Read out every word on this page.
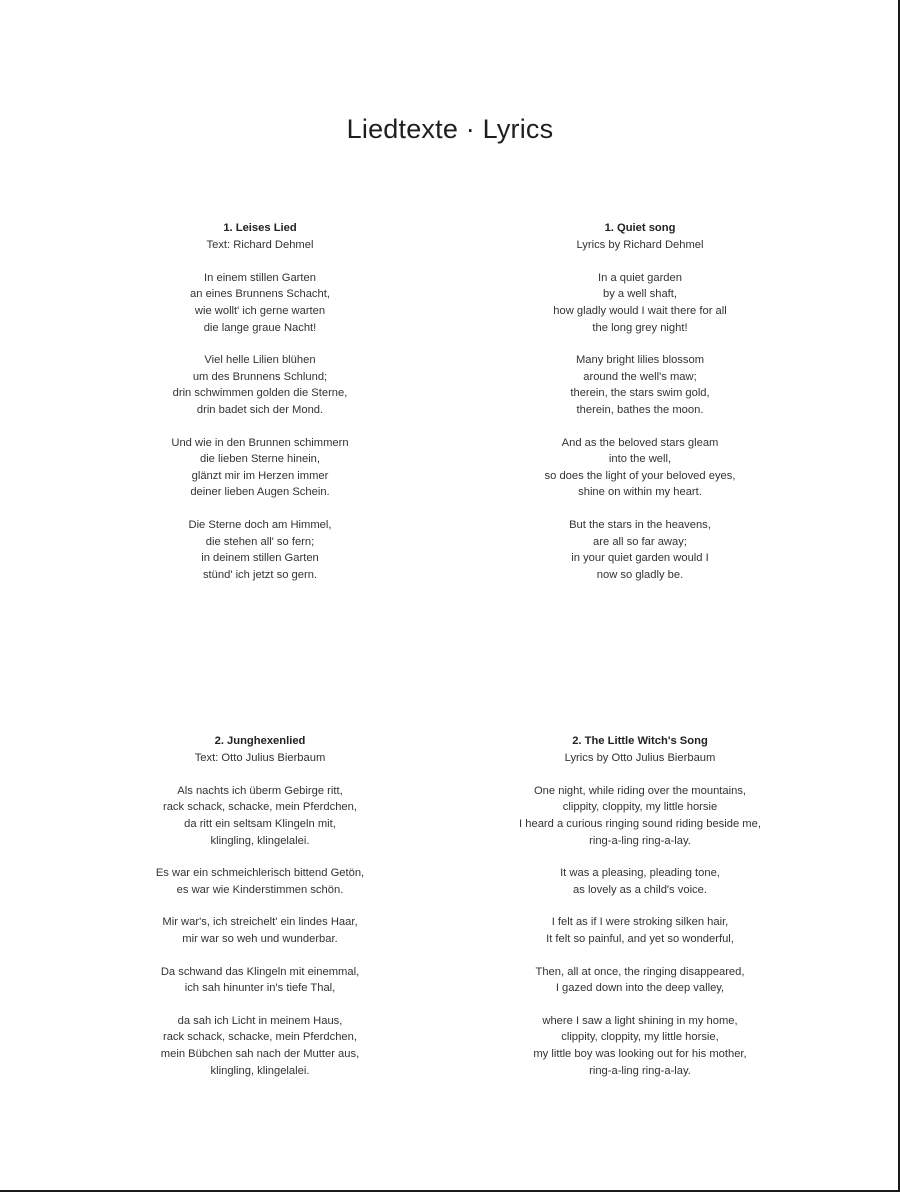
Liedtexte · Lyrics
1. Leises Lied
Text: Richard Dehmel
In einem stillen Garten
an eines Brunnens Schacht,
wie wollt' ich gerne warten
die lange graue Nacht!
Viel helle Lilien blühen
um des Brunnens Schlund;
drin schwimmen golden die Sterne,
drin badet sich der Mond.
Und wie in den Brunnen schimmern
die lieben Sterne hinein,
glänzt mir im Herzen immer
deiner lieben Augen Schein.
Die Sterne doch am Himmel,
die stehen all' so fern;
in deinem stillen Garten
stünd' ich jetzt so gern.
1. Quiet song
Lyrics by Richard Dehmel
In a quiet garden
by a well shaft,
how gladly would I wait there for all
the long grey night!
Many bright lilies blossom
around the well's maw;
therein, the stars swim gold,
therein, bathes the moon.
And as the beloved stars gleam
into the well,
so does the light of your beloved eyes,
shine on within my heart.
But the stars in the heavens,
are all so far away;
in your quiet garden would I
now so gladly be.
2. Junghexenlied
Text: Otto Julius Bierbaum
Als nachts ich überm Gebirge ritt,
rack schack, schacke, mein Pferdchen,
da ritt ein seltsam Klingeln mit,
klingling, klingelalei.
Es war ein schmeichlerisch bittend Getön,
es war wie Kinderstimmen schön.
Mir war's, ich streichelt' ein lindes Haar,
mir war so weh und wunderbar.
Da schwand das Klingeln mit einemmal,
ich sah hinunter in's tiefe Thal,
da sah ich Licht in meinem Haus,
rack schack, schacke, mein Pferdchen,
mein Bübchen sah nach der Mutter aus,
klingling, klingelalei.
2. The Little Witch's Song
Lyrics by Otto Julius Bierbaum
One night, while riding over the mountains,
clippity, cloppity, my little horsie
I heard a curious ringing sound riding beside me,
ring-a-ling ring-a-lay.
It was a pleasing, pleading tone,
as lovely as a child's voice.
I felt as if I were stroking silken hair,
It felt so painful, and yet so wonderful,
Then, all at once, the ringing disappeared,
I gazed down into the deep valley,
where I saw a light shining in my home,
clippity, cloppity, my little horsie,
my little boy was looking out for his mother,
ring-a-ling ring-a-lay.
